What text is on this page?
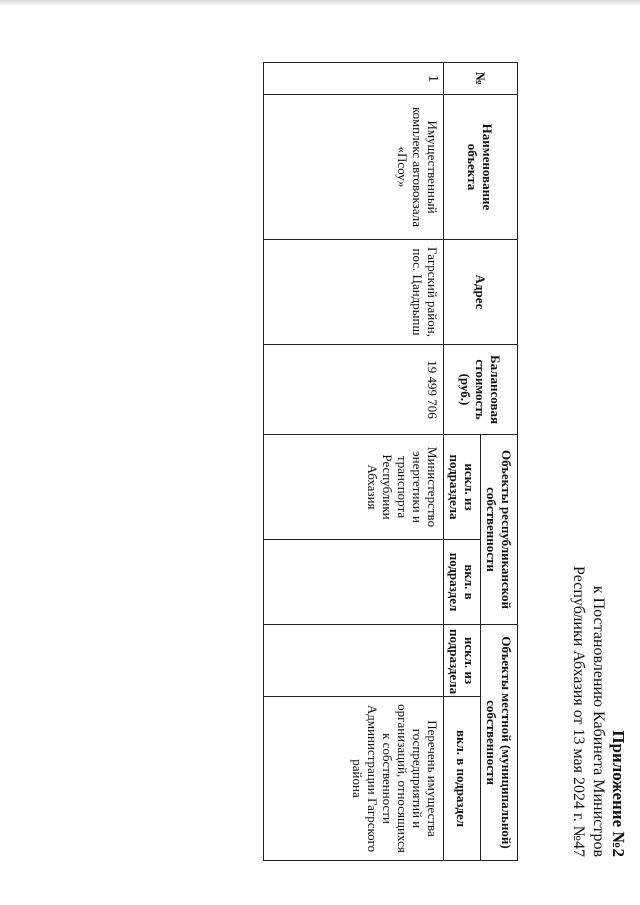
Приложение №2
к Постановлению Кабинета Министров
Республики Абхазия от 13 мая 2024 г. №47
№	Наименование объекта	Адрес	Балансовая стоимость (руб.)	Объекты республиканской собственности		Объекты местной (муниципальной) собственности	
				искл. из подраздела	вкл. в подраздел	искл. из подраздела	вкл. в подраздел
1	Имущественный комплекс автовокзала «Псоу»	Гагрский район, пос. Цандрыпш	19 499 706	Министерство энергетики и транспорта Республики Абхазия			Перечень имущества госпредприятий и организаций, относящихся к собственности Администрации Гагрского района
